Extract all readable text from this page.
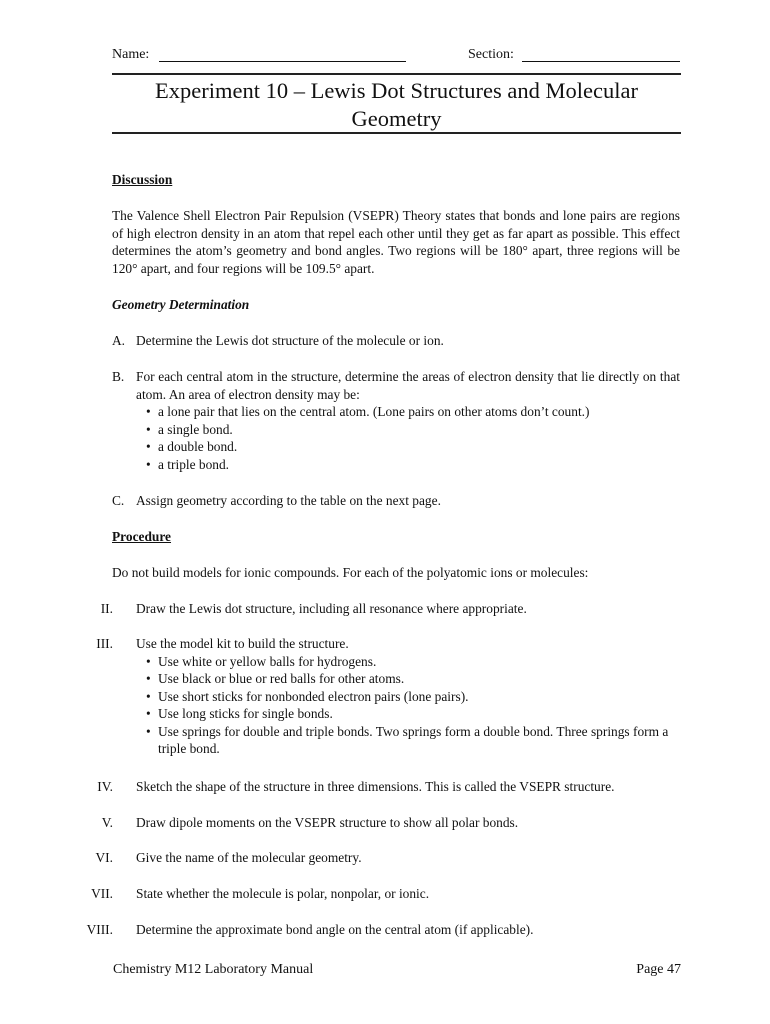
Name:	Section:
Experiment 10 – Lewis Dot Structures and Molecular Geometry
Discussion
The Valence Shell Electron Pair Repulsion (VSEPR) Theory states that bonds and lone pairs are regions of high electron density in an atom that repel each other until they get as far apart as possible. This effect determines the atom’s geometry and bond angles. Two regions will be 180° apart, three regions will be 120° apart, and four regions will be 109.5° apart.
Geometry Determination
A. Determine the Lewis dot structure of the molecule or ion.
B. For each central atom in the structure, determine the areas of electron density that lie directly on that atom. An area of electron density may be:
• a lone pair that lies on the central atom. (Lone pairs on other atoms don’t count.)
• a single bond.
• a double bond.
• a triple bond.
C. Assign geometry according to the table on the next page.
Procedure
Do not build models for ionic compounds. For each of the polyatomic ions or molecules:
II. Draw the Lewis dot structure, including all resonance where appropriate.
III. Use the model kit to build the structure.
• Use white or yellow balls for hydrogens.
• Use black or blue or red balls for other atoms.
• Use short sticks for nonbonded electron pairs (lone pairs).
• Use long sticks for single bonds.
• Use springs for double and triple bonds. Two springs form a double bond. Three springs form a triple bond.
IV. Sketch the shape of the structure in three dimensions. This is called the VSEPR structure.
V. Draw dipole moments on the VSEPR structure to show all polar bonds.
VI. Give the name of the molecular geometry.
VII. State whether the molecule is polar, nonpolar, or ionic.
VIII. Determine the approximate bond angle on the central atom (if applicable).
Chemistry M12 Laboratory Manual	Page 47
